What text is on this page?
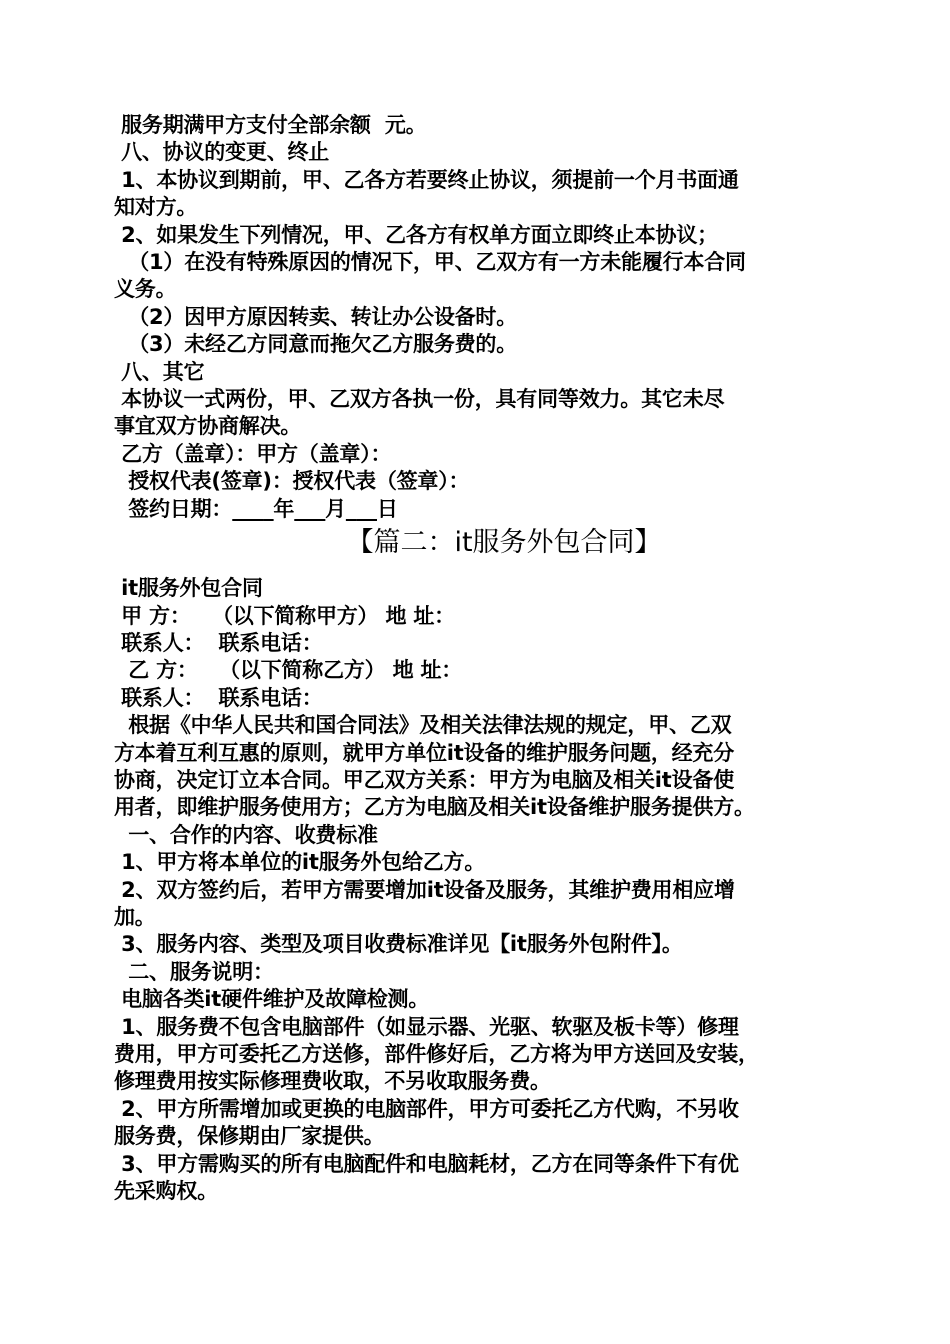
服务期满甲方支付全部余额  元。
八、协议的变更、终止
1、本协议到期前，甲、乙各方若要终止协议，须提前一个月书面通
知对方。
2、如果发生下列情况，甲、乙各方有权单方面立即终止本协议；
（1）在没有特殊原因的情况下，甲、乙双方有一方未能履行本合同
义务。
（2）因甲方原因转卖、转让办公设备时。
（3）未经乙方同意而拖欠乙方服务费的。
八、其它
本协议一式两份，甲、乙双方各执一份，具有同等效力。其它未尽
事宜双方协商解决。
乙方（盖章）：甲方（盖章）：
授权代表(签章)：授权代表（签章）：
签约日期：____年___月___日
【篇二：it服务外包合同】
it服务外包合同
甲 方：   （以下简称甲方） 地 址：
联系人：  联系电话：
乙 方：   （以下简称乙方） 地 址：
联系人：  联系电话：
根据《中华人民共和国合同法》及相关法律法规的规定，甲、乙双
方本着互利互惠的原则，就甲方单位it设备的维护服务问题，经充分
协商，决定订立本合同。甲乙双方关系：甲方为电脑及相关it设备使
用者，即维护服务使用方；乙方为电脑及相关it设备维护服务提供方。
一、合作的内容、收费标准
1、甲方将本单位的it服务外包给乙方。
2、双方签约后，若甲方需要增加it设备及服务，其维护费用相应增
加。
3、服务内容、类型及项目收费标准详见【it服务外包附件】。
二、服务说明：
电脑各类it硬件维护及故障检测。
1、服务费不包含电脑部件（如显示器、光驱、软驱及板卡等）修理
费用，甲方可委托乙方送修，部件修好后，乙方将为甲方送回及安装，
修理费用按实际修理费收取，不另收取服务费。
2、甲方所需增加或更换的电脑部件，甲方可委托乙方代购，不另收
服务费，保修期由厂家提供。
3、甲方需购买的所有电脑配件和电脑耗材，乙方在同等条件下有优
先采购权。
